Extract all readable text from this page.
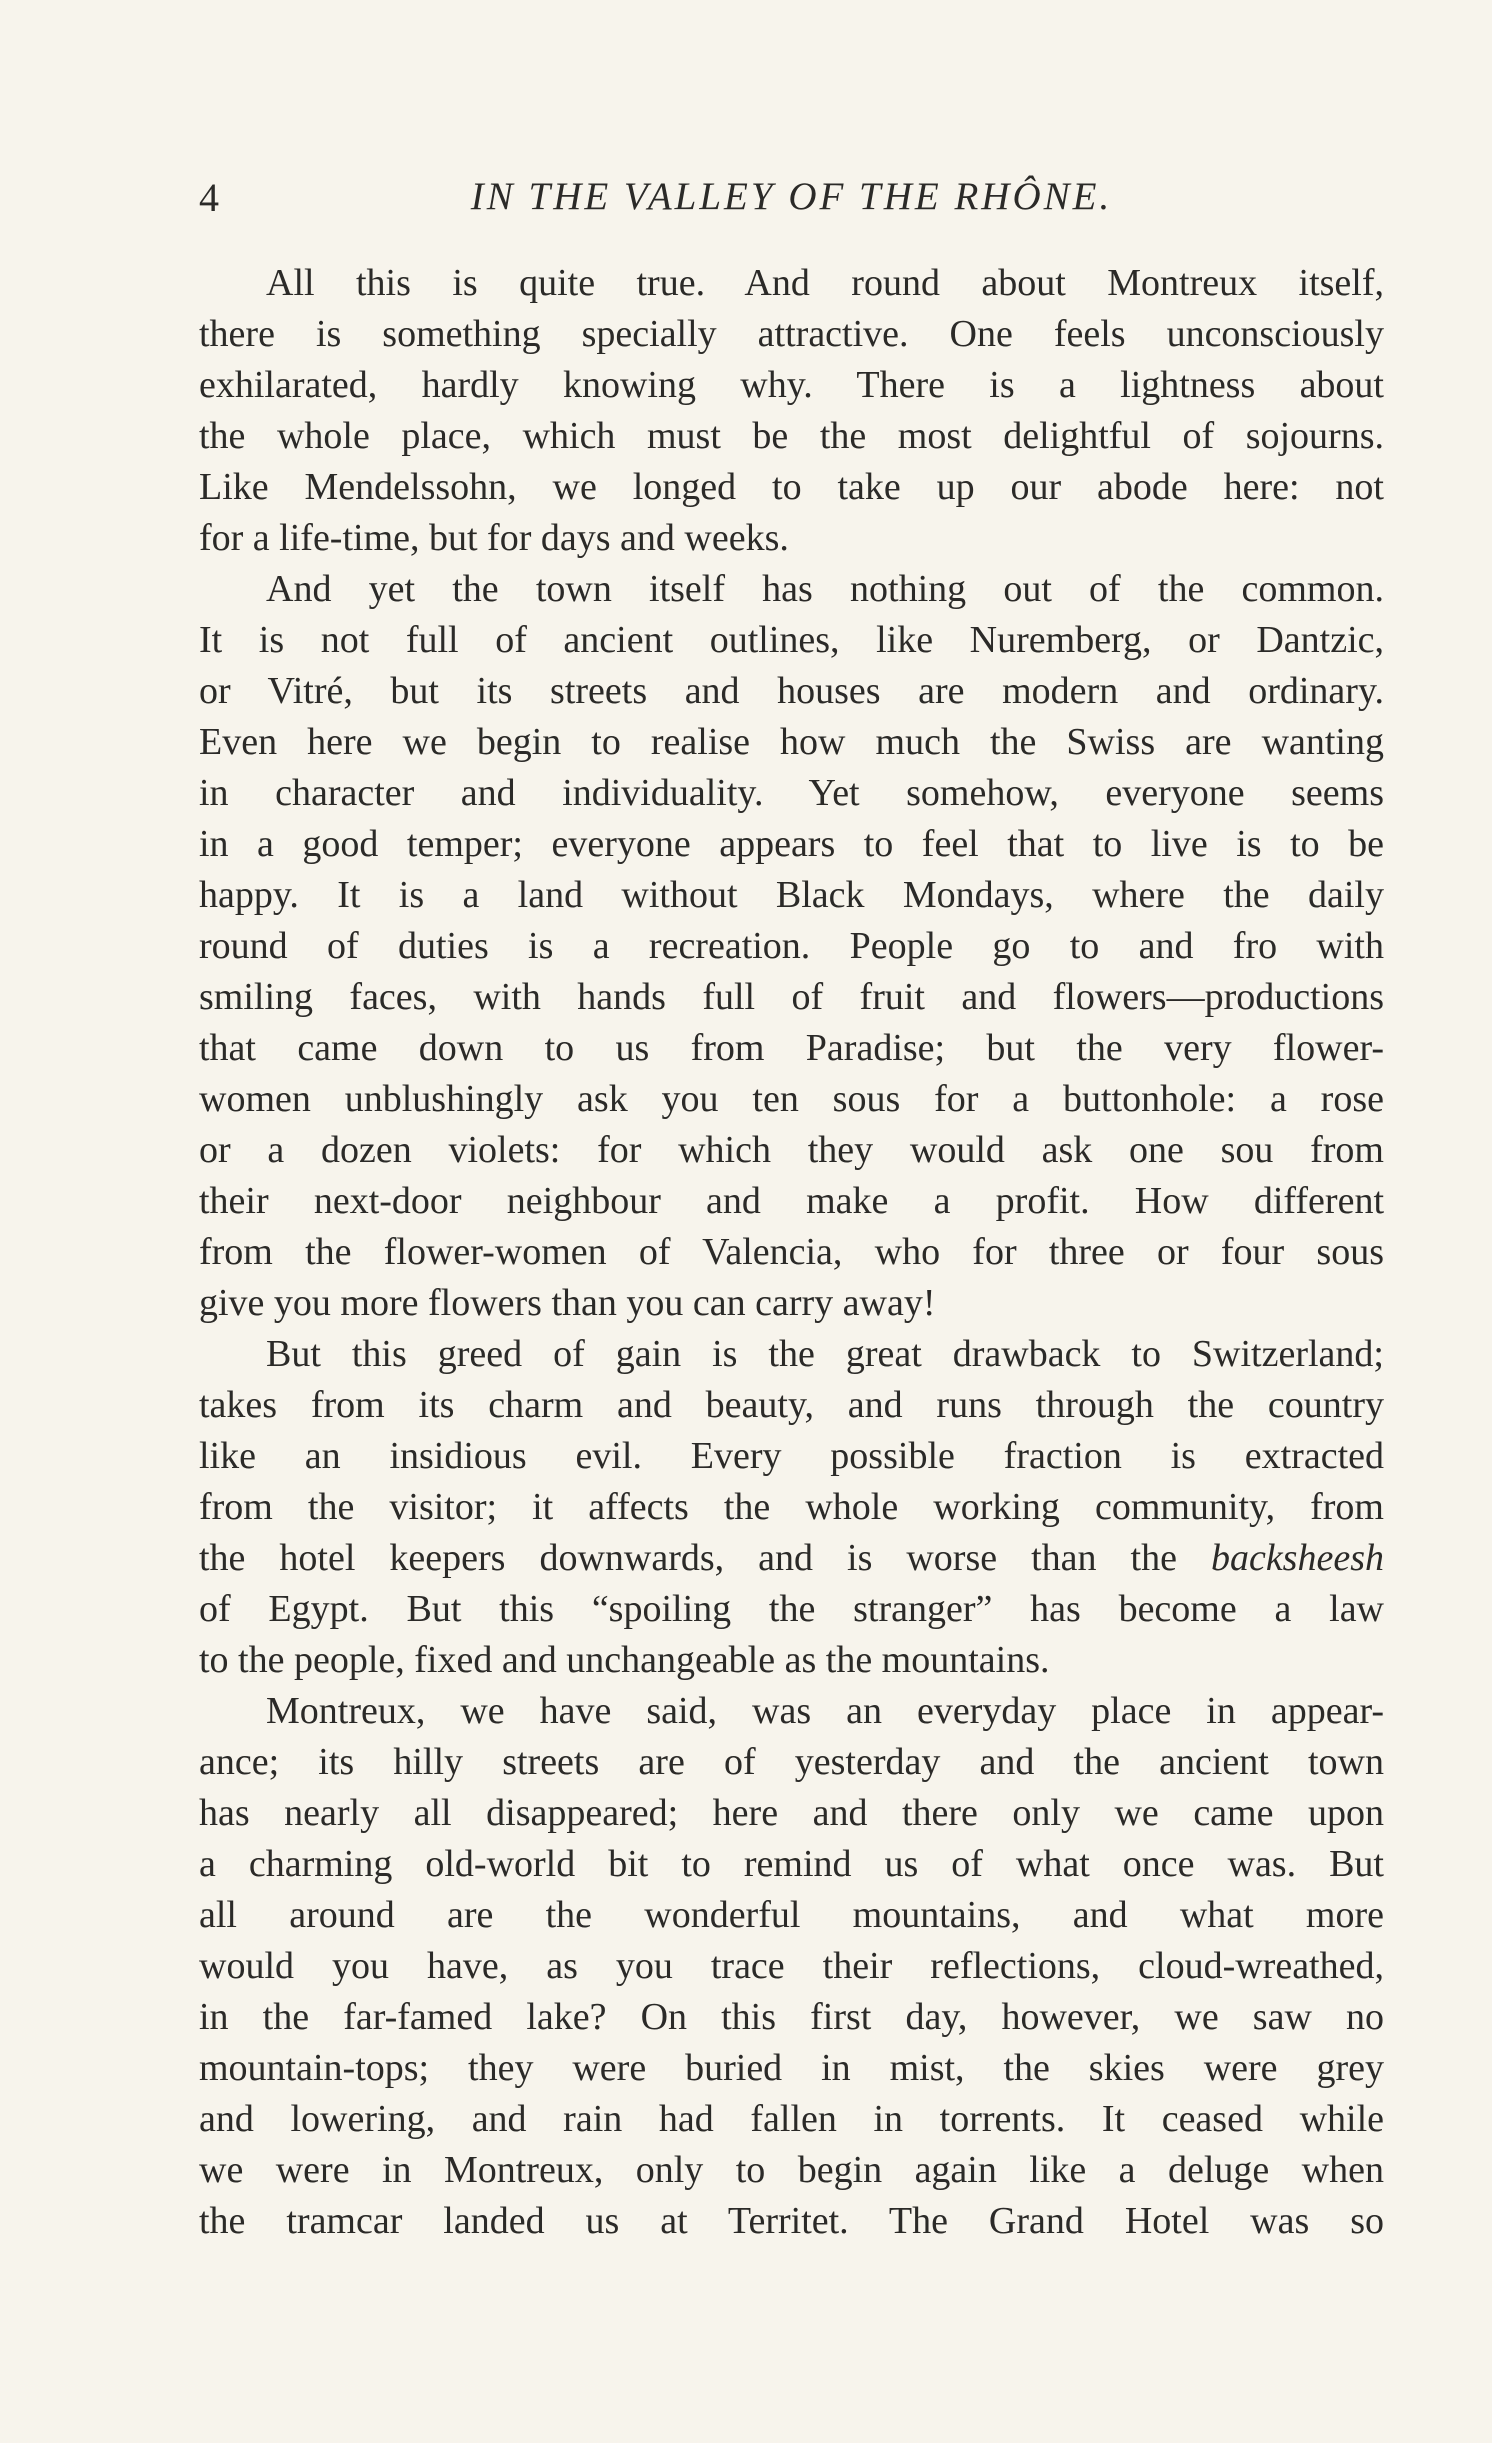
4	IN THE VALLEY OF THE RHÔNE.
All this is quite true. And round about Montreux itself,
there is something specially attractive. One feels unconsciously
exhilarated, hardly knowing why. There is a lightness about
the whole place, which must be the most delightful of sojourns.
Like Mendelssohn, we longed to take up our abode here: not
for a life-time, but for days and weeks.
And yet the town itself has nothing out of the common.
It is not full of ancient outlines, like Nuremberg, or Dantzic,
or Vitré, but its streets and houses are modern and ordinary.
Even here we begin to realise how much the Swiss are wanting
in character and individuality. Yet somehow, everyone seems
in a good temper; everyone appears to feel that to live is to be
happy. It is a land without Black Mondays, where the daily
round of duties is a recreation. People go to and fro with
smiling faces, with hands full of fruit and flowers—productions
that came down to us from Paradise; but the very flower-
women unblushingly ask you ten sous for a buttonhole: a rose
or a dozen violets: for which they would ask one sou from
their next-door neighbour and make a profit. How different
from the flower-women of Valencia, who for three or four sous
give you more flowers than you can carry away!
But this greed of gain is the great drawback to Switzerland;
takes from its charm and beauty, and runs through the country
like an insidious evil. Every possible fraction is extracted
from the visitor; it affects the whole working community, from
the hotel keepers downwards, and is worse than the backsheesh
of Egypt. But this “spoiling the stranger” has become a law
to the people, fixed and unchangeable as the mountains.
Montreux, we have said, was an everyday place in appear-
ance; its hilly streets are of yesterday and the ancient town
has nearly all disappeared; here and there only we came upon
a charming old-world bit to remind us of what once was. But
all around are the wonderful mountains, and what more
would you have, as you trace their reflections, cloud-wreathed,
in the far-famed lake? On this first day, however, we saw no
mountain-tops; they were buried in mist, the skies were grey
and lowering, and rain had fallen in torrents. It ceased while
we were in Montreux, only to begin again like a deluge when
the tramcar landed us at Territet. The Grand Hotel was so
